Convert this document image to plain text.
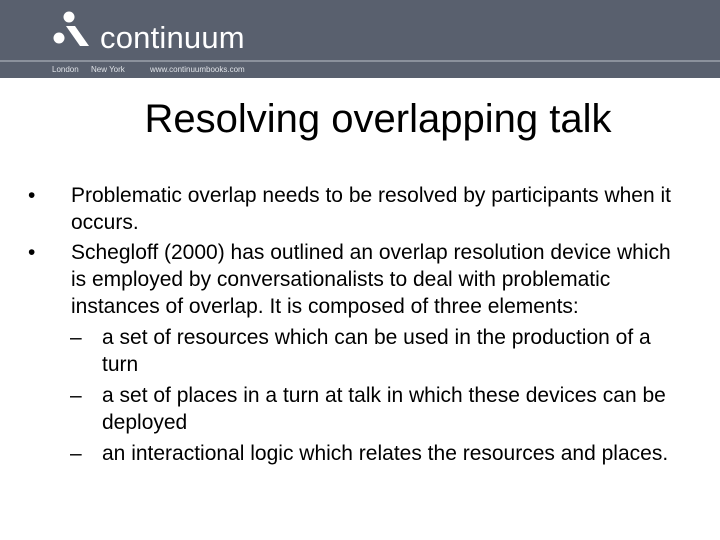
continuum
London New York	www.continuumbooks.com
Resolving overlapping talk
•	Problematic overlap needs to be resolved by participants when it occurs.
•	Schegloff (2000) has outlined an overlap resolution device which is employed by conversationalists to deal with problematic instances of overlap. It is composed of three elements:
– a set of resources which can be used in the production of a turn
– a set of places in a turn at talk in which these devices can be deployed
– an interactional logic which relates the resources and places.
